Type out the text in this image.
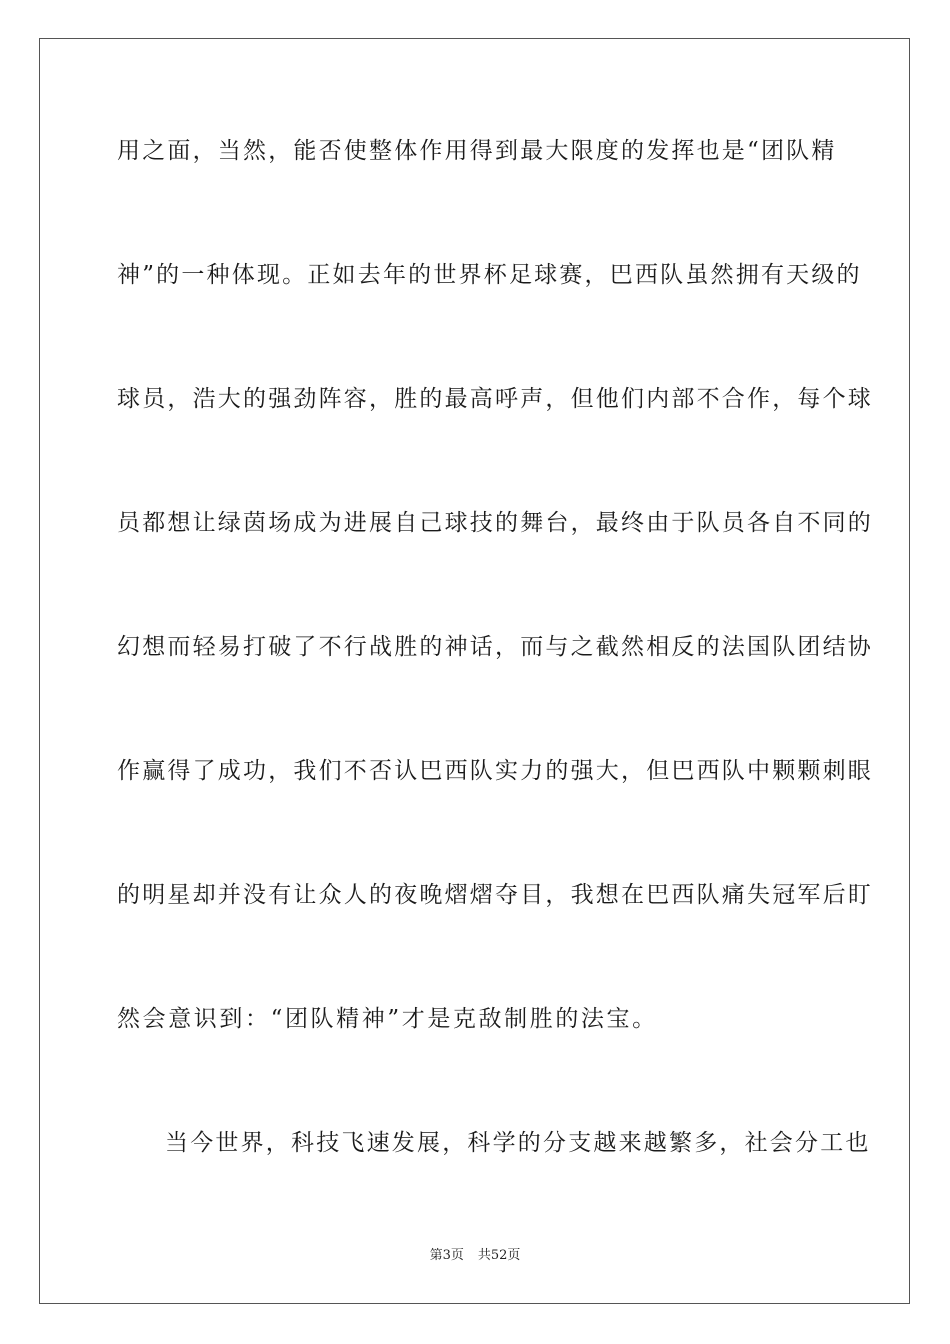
用之面，当然，能否使整体作用得到最大限度的发挥也是“团队精
神”的一种体现。正如去年的世界杯足球赛，巴西队虽然拥有天级的
球员，浩大的强劲阵容，胜的最高呼声，但他们内部不合作，每个球
员都想让绿茵场成为进展自己球技的舞台，最终由于队员各自不同的
幻想而轻易打破了不行战胜的神话，而与之截然相反的法国队团结协
作赢得了成功，我们不否认巴西队实力的强大，但巴西队中颗颗刺眼
的明星却并没有让众人的夜晚熠熠夺目，我想在巴西队痛失冠军后盯
然会意识到：“团队精神”才是克敌制胜的法宝。
当今世界，科技飞速发展，科学的分支越来越繁多，社会分工也
第3页 共52页
